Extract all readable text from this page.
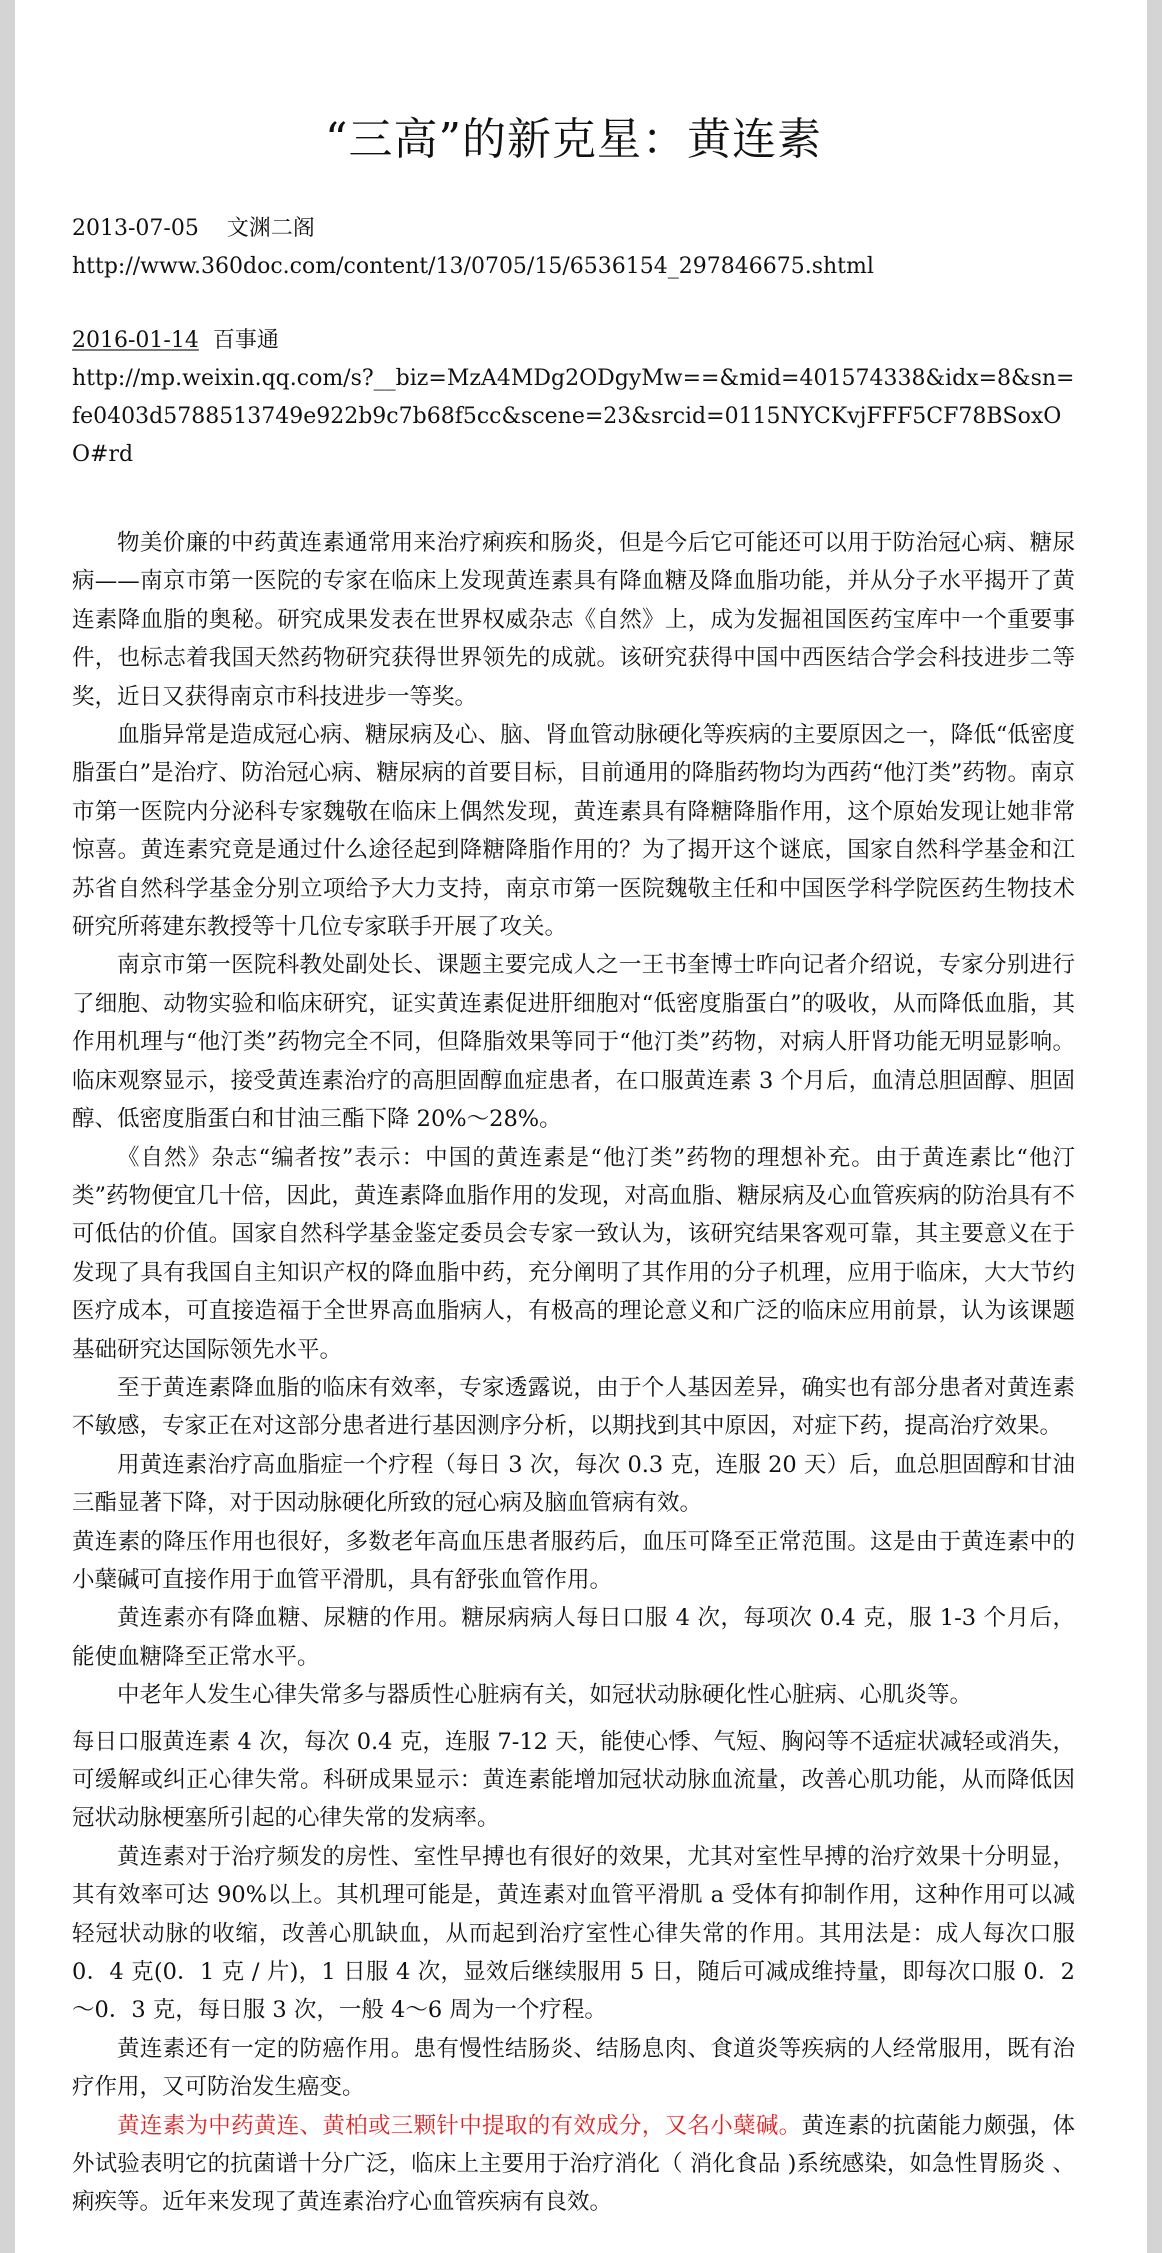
“三高”的新克星：黄连素
2013-07-05 文渊二阁
http://www.360doc.com/content/13/0705/15/6536154_297846675.shtml
2016-01-14 百事通
http://mp.weixin.qq.com/s?__biz=MzA4MDg2ODgyMw==&mid=401574338&idx=8&sn=fe0403d5788513749e922b9c7b68f5cc&scene=23&srcid=0115NYCKvjFFF5CF78BSoxOO#rd

物美价廉的中药黄连素通常用来治疗痢疾和肠炎，但是今后它可能还可以用于防治冠心病、糖尿病——南京市第一医院的专家在临床上发现黄连素具有降血糖及降血脂功能，并从分子水平揭开了黄连素降血脂的奥秘。研究成果发表在世界权威杂志《自然》上，成为发掘祖国医药宝库中一个重要事件，也标志着我国天然药物研究获得世界领先的成就。该研究获得中国中西医结合学会科技进步二等奖，近日又获得南京市科技进步一等奖。

血脂异常是造成冠心病、糖尿病及心、脑、肾血管动脉硬化等疾病的主要原因之一，降低“低密度脂蛋白”是治疗、防治冠心病、糖尿病的首要目标，目前通用的降脂药物均为西药“他汀类”药物。南京市第一医院内分泌科专家魏敬在临床上偶然发现，黄连素具有降糖降脂作用，这个原始发现让她非常惊喜。黄连素究竟是通过什么途径起到降糖降脂作用的？为了揭开这个谜底，国家自然科学基金和江苏省自然科学基金分别立项给予大力支持，南京市第一医院魏敬主任和中国医学科学院医药生物技术研究所蒋建东教授等十几位专家联手开展了攻关。

南京市第一医院科教处副处长、课题主要完成人之一王书奎博士昨向记者介绍说，专家分别进行了细胞、动物实验和临床研究，证实黄连素促进肝细胞对“低密度脂蛋白”的吸收，从而降低血脂，其作用机理与“他汀类”药物完全不同，但降脂效果等同于“他汀类”药物，对病人肝肾功能无明显影响。临床观察显示，接受黄连素治疗的高胆固醇血症患者，在口服黄连素 3 个月后，血清总胆固醇、胆固醇、低密度脂蛋白和甘油三酯下降 20%～28%。

《自然》杂志“编者按”表示：中国的黄连素是“他汀类”药物的理想补充。由于黄连素比“他汀类”药物便宜几十倍，因此，黄连素降血脂作用的发现，对高血脂、糖尿病及心血管疾病的防治具有不可低估的价值。国家自然科学基金鉴定委员会专家一致认为，该研究结果客观可靠，其主要意义在于发现了具有我国自主知识产权的降血脂中药，充分阐明了其作用的分子机理，应用于临床，大大节约医疗成本，可直接造福于全世界高血脂病人，有极高的理论意义和广泛的临床应用前景，认为该课题基础研究达国际领先水平。

至于黄连素降血脂的临床有效率，专家透露说，由于个人基因差异，确实也有部分患者对黄连素不敏感，专家正在对这部分患者进行基因测序分析，以期找到其中原因，对症下药，提高治疗效果。

用黄连素治疗高血脂症一个疗程（每日 3 次，每次 0.3 克，连服 20 天）后，血总胆固醇和甘油三酯显著下降，对于因动脉硬化所致的冠心病及脑血管病有效。

黄连素的降压作用也很好，多数老年高血压患者服药后，血压可降至正常范围。这是由于黄连素中的小蘖碱可直接作用于血管平滑肌，具有舒张血管作用。

黄连素亦有降血糖、尿糖的作用。糖尿病病人每日口服 4 次，每项次 0.4 克，服 1-3 个月后，能使血糖降至正常水平。

中老年人发生心律失常多与器质性心脏病有关，如冠状动脉硬化性心脏病、心肌炎等。

每日口服黄连素 4 次，每次 0.4 克，连服 7-12 天，能使心悸、气短、胸闷等不适症状减轻或消失，可缓解或纠正心律失常。科研成果显示：黄连素能增加冠状动脉血流量，改善心肌功能，从而降低因冠状动脉梗塞所引起的心律失常的发病率。

黄连素对于治疗频发的房性、室性早搏也有很好的效果，尤其对室性早搏的治疗效果十分明显，其有效率可达 90%以上。其机理可能是，黄连素对血管平滑肌 a 受体有抑制作用，这种作用可以减轻冠状动脉的收缩，改善心肌缺血，从而起到治疗室性心律失常的作用。其用法是：成人每次口服 0．4 克(0．1 克 / 片)，1 日服 4 次，显效后继续服用 5 日，随后可减成维持量，即每次口服 0．2～0．3 克，每日服 3 次，一般 4～6 周为一个疗程。

黄连素还有一定的防癌作用。患有慢性结肠炎、结肠息肉、食道炎等疾病的人经常服用，既有治疗作用，又可防治发生癌变。

黄连素为中药黄连、黄柏或三颗针中提取的有效成分，又名小蘖碱。黄连素的抗菌能力颇强，体外试验表明它的抗菌谱十分广泛，临床上主要用于治疗消化（ 消化食品 )系统感染，如急性胃肠炎 、痢疾等。近年来发现了黄连素治疗心血管疾病有良效。
